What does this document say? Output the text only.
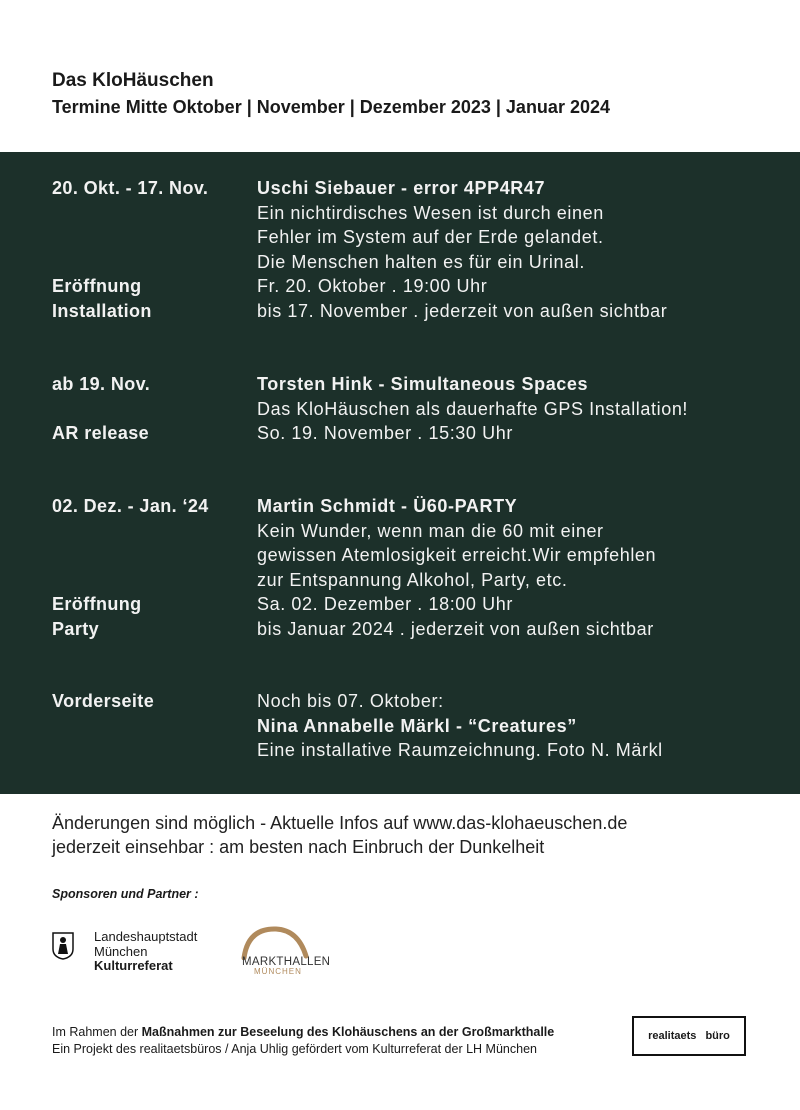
Das KloHäuschen
Termine Mitte Oktober | November | Dezember 2023 | Januar 2024
20. Okt. - 17. Nov.	Uschi Siebauer - error 4PP4R47
Ein nichtirdisches Wesen ist durch einen
Fehler im System auf der Erde gelandet.
Die Menschen halten es für ein Urinal.
Eröffnung	Fr. 20. Oktober . 19:00 Uhr
Installation	bis 17. November . jederzeit von außen sichtbar
ab 19. Nov.	Torsten Hink - Simultaneous Spaces
Das KloHäuschen als dauerhafte GPS Installation!
AR release	So. 19. November . 15:30 Uhr
02. Dez. - Jan. ‘24	Martin Schmidt - Ü60-PARTY
Kein Wunder, wenn man die 60 mit einer
gewissen Atemlosigkeit erreicht.Wir empfehlen
zur Entspannung Alkohol, Party, etc.
Eröffnung	Sa. 02. Dezember . 18:00 Uhr
Party	bis Januar 2024 . jederzeit von außen sichtbar
Vorderseite	Noch bis 07. Oktober:
Nina Annabelle Märkl - “Creatures”
Eine installative Raumzeichnung. Foto N. Märkl
Änderungen sind möglich - Aktuelle Infos auf www.das-klohaeuschen.de
jederzeit einsehbar : am besten nach Einbruch der Dunkelheit
Sponsoren und Partner :
Landeshauptstadt
München
Kulturreferat	MARKTHALLEN
MÜNCHEN
Im Rahmen der Maßnahmen zur Beseelung des Klohäuschens an der Großmarkthalle
Ein Projekt des realitaetsbüros / Anja Uhlig gefördert vom Kulturreferat der LH München
realitaets büro
